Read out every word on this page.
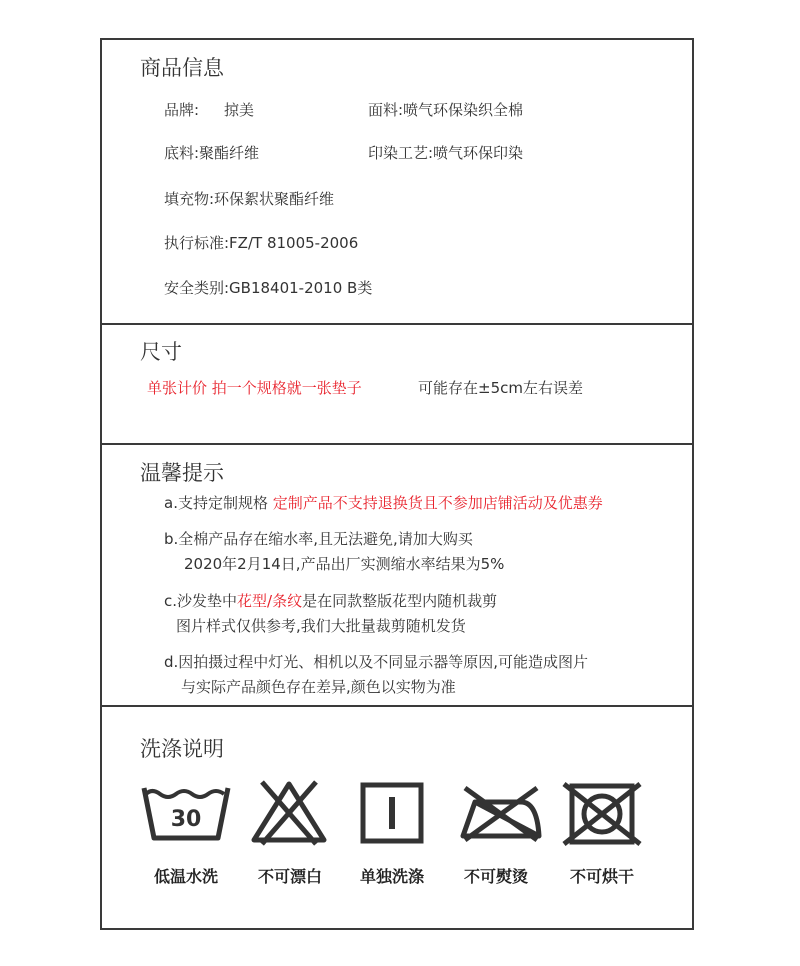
商品信息
品牌: 掠美	面料:喷气环保染织全棉
底料:聚酯纤维	印染工艺:喷气环保印染
填充物:环保絮状聚酯纤维
执行标准:FZ/T 81005-2006
安全类别:GB18401-2010 B类
尺寸
单张计价 拍一个规格就一张垫子	可能存在±5cm左右误差
温馨提示
a.支持定制规格 定制产品不支持退换货且不参加店铺活动及优惠券
b.全棉产品存在缩水率,且无法避免,请加大购买
2020年2月14日,产品出厂实测缩水率结果为5%
c.沙发垫中花型/条纹是在同款整版花型内随机裁剪
图片样式仅供参考,我们大批量裁剪随机发货
d.因拍摄过程中灯光、相机以及不同显示器等原因,可能造成图片
与实际产品颜色存在差异,颜色以实物为准
洗涤说明
30
低温水洗	不可漂白	单独洗涤	不可熨烫	不可烘干
